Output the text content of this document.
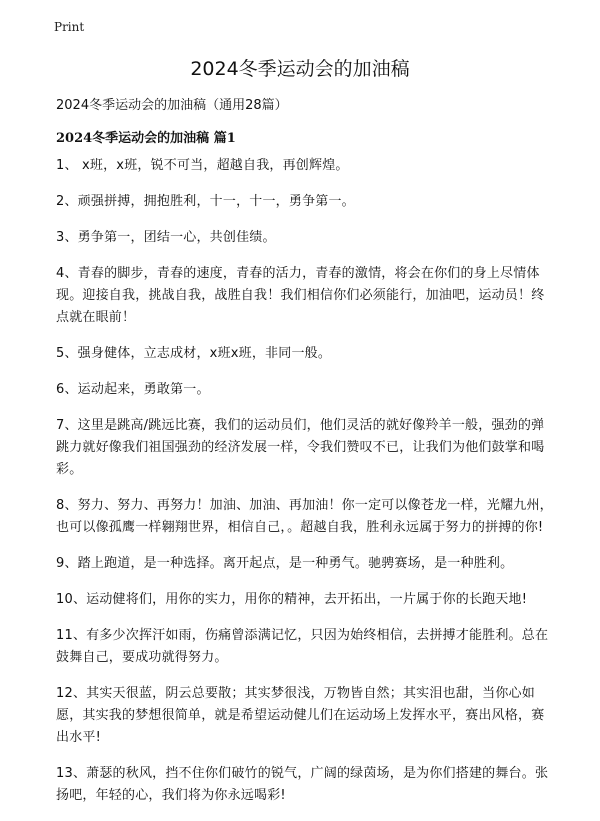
Print
2024冬季运动会的加油稿
2024冬季运动会的加油稿（通用28篇）
2024冬季运动会的加油稿 篇1

1、 x班，x班，锐不可当，超越自我，再创辉煌。

2、顽强拼搏，拥抱胜利，十一，十一，勇争第一。

3、勇争第一，团结一心，共创佳绩。

4、青春的脚步，青春的速度，青春的活力，青春的激情，将会在你们的身上尽情体现。迎接自我，挑战自我，战胜自我！我们相信你们必须能行，加油吧，运动员！终点就在眼前！

5、强身健体，立志成材，x班x班，非同一般。

6、运动起来，勇敢第一。

7、这里是跳高/跳远比赛，我们的运动员们，他们灵活的就好像羚羊一般，强劲的弹跳力就好像我们祖国强劲的经济发展一样，令我们赞叹不已，让我们为他们鼓掌和喝彩。

8、努力、努力、再努力！加油、加油、再加油！你一定可以像苍龙一样，光耀九州，也可以像孤鹰一样翱翔世界，相信自己，。超越自我，胜利永远属于努力的拼搏的你!

9、踏上跑道，是一种选择。离开起点，是一种勇气。驰骋赛场，是一种胜利。

10、运动健将们，用你的实力，用你的精神，去开拓出，一片属于你的长跑天地!

11、有多少次挥汗如雨，伤痛曾添满记忆，只因为始终相信，去拼搏才能胜利。总在鼓舞自己，要成功就得努力。

12、其实天很蓝，阴云总要散；其实梦很浅，万物皆自然；其实泪也甜，当你心如愿，其实我的梦想很简单，就是希望运动健儿们在运动场上发挥水平，赛出风格，赛出水平!

13、萧瑟的秋风，挡不住你们破竹的锐气，广阔的绿茵场，是为你们搭建的舞台。张扬吧，年轻的心，我们将为你永远喝彩!
